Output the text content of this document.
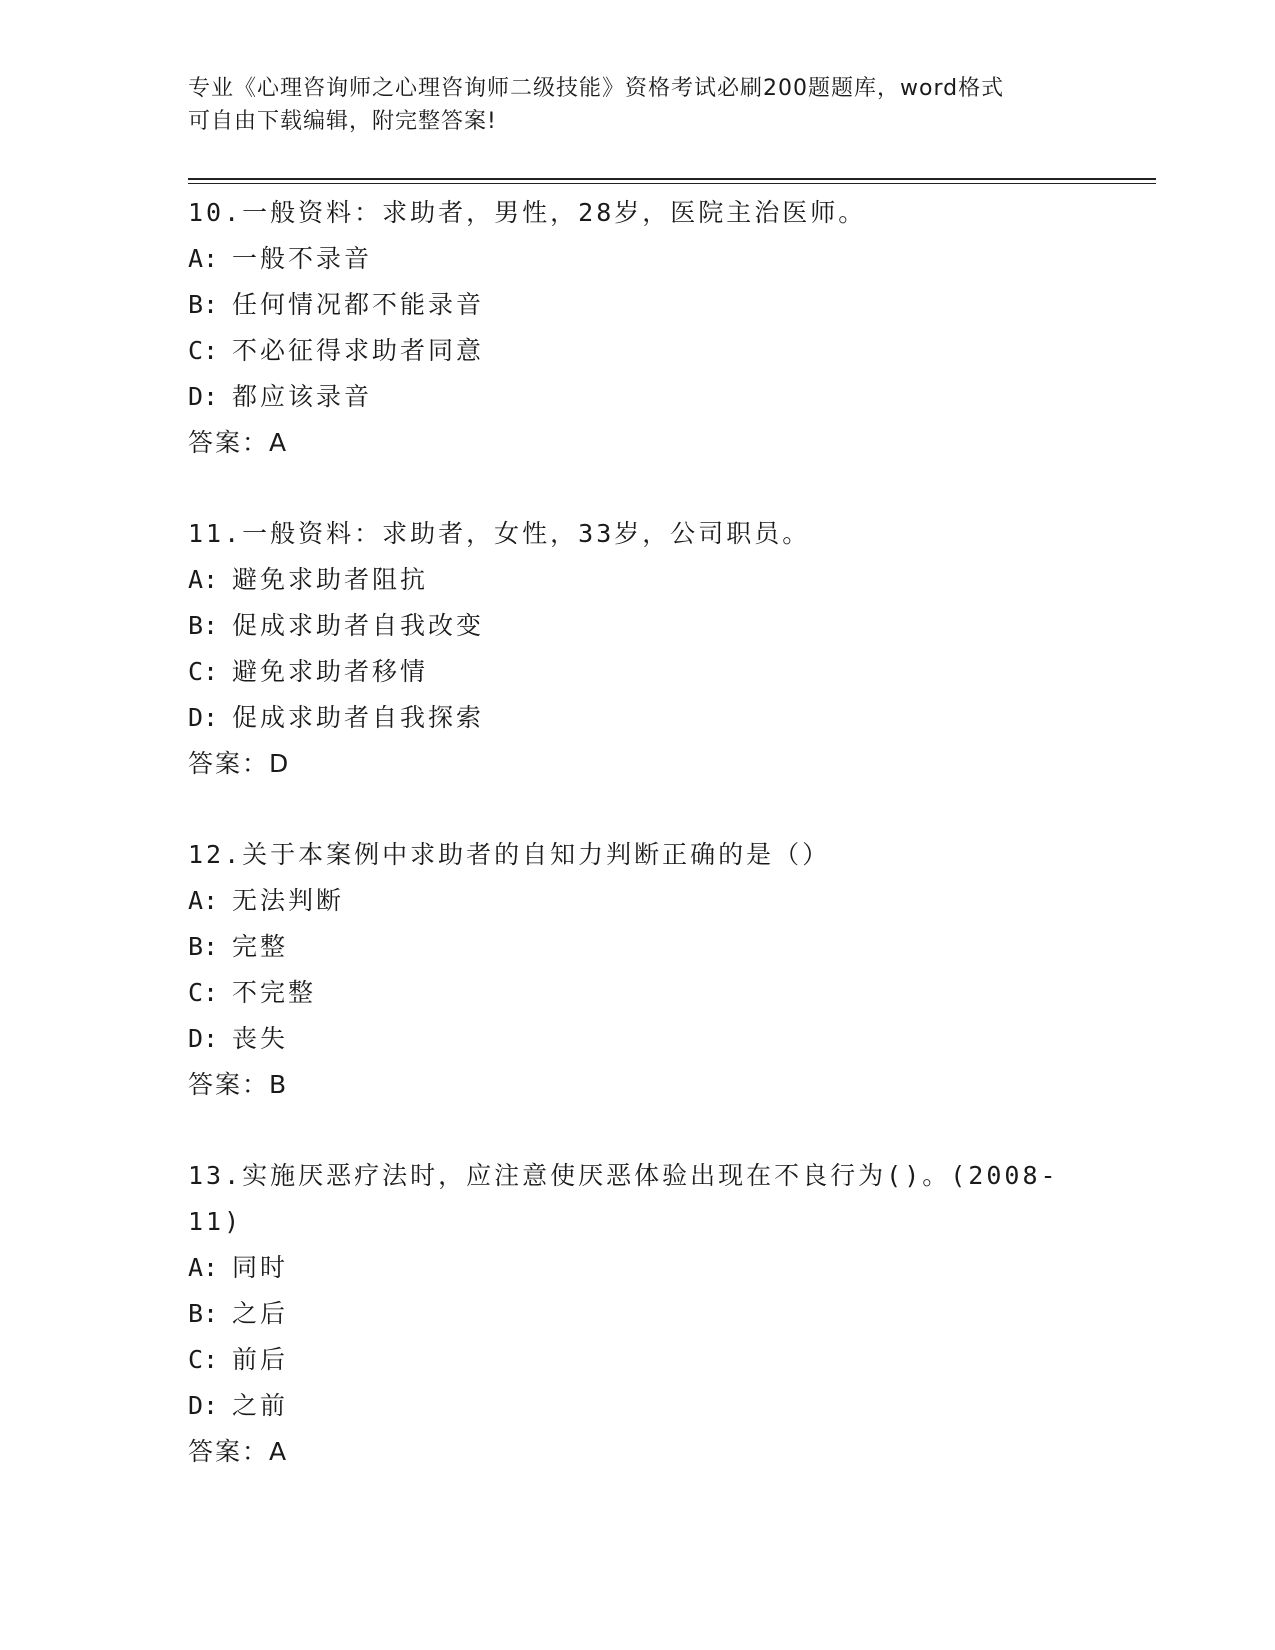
专业《心理咨询师之心理咨询师二级技能》资格考试必刷200题题库，word格式
可自由下载编辑，附完整答案!
10.一般资料：求助者，男性，28岁，医院主治医师。
A: 一般不录音
B: 任何情况都不能录音
C: 不必征得求助者同意
D: 都应该录音
答案：A
11.一般资料：求助者，女性，33岁，公司职员。
A: 避免求助者阻抗
B: 促成求助者自我改变
C: 避免求助者移情
D: 促成求助者自我探索
答案：D
12.关于本案例中求助者的自知力判断正确的是（）
A: 无法判断
B: 完整
C: 不完整
D: 丧失
答案：B
13.实施厌恶疗法时，应注意使厌恶体验出现在不良行为()。(2008-
11)
A: 同时
B: 之后
C: 前后
D: 之前
答案：A
